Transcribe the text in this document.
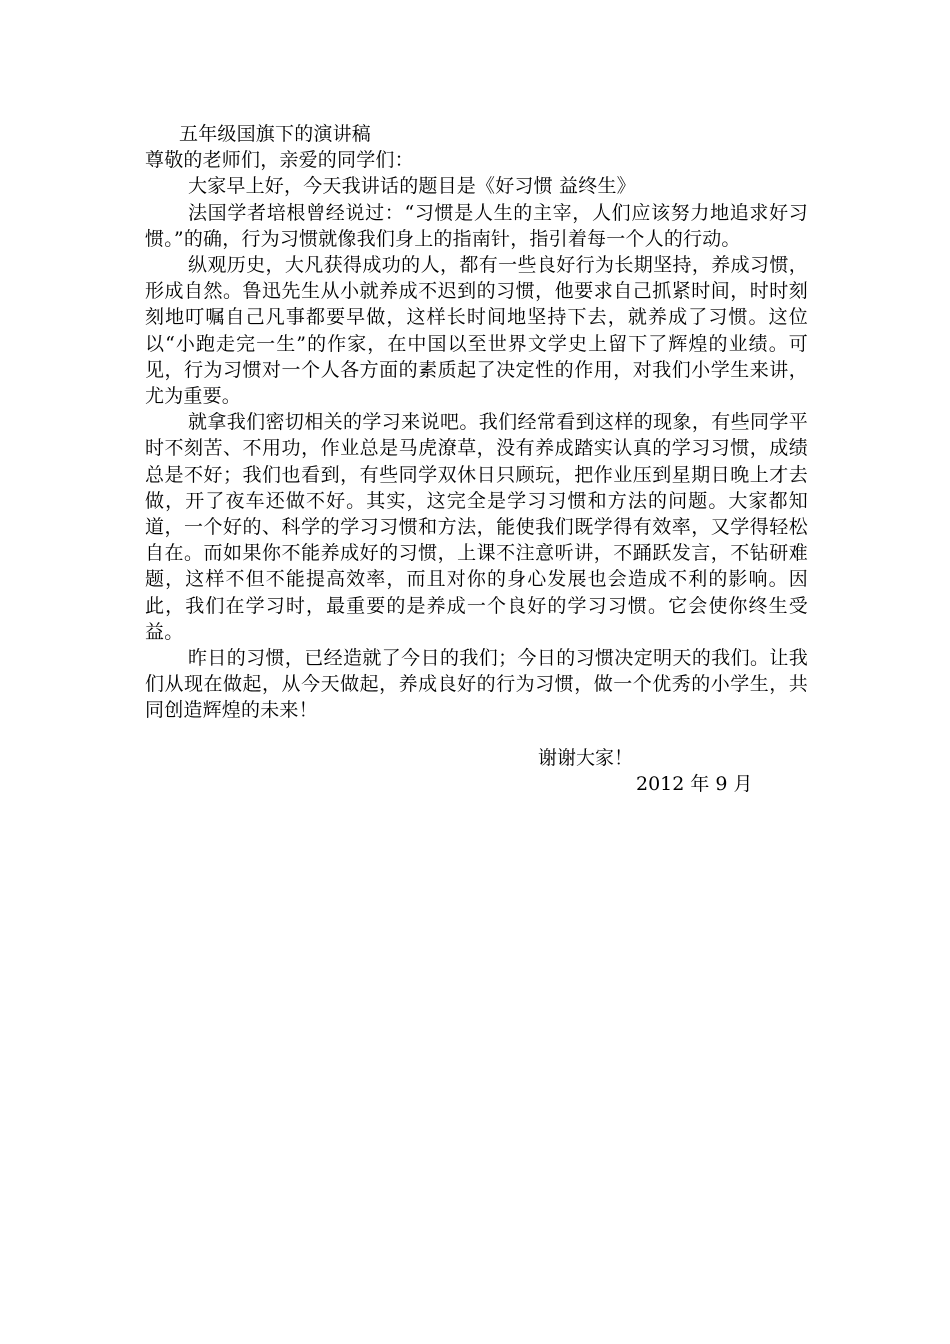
五年级国旗下的演讲稿

尊敬的老师们，亲爱的同学们：

大家早上好，今天我讲话的题目是《好习惯 益终生》

法国学者培根曾经说过：“习惯是人生的主宰，人们应该努力地追求好习惯。”的确，行为习惯就像我们身上的指南针，指引着每一个人的行动。

纵观历史，大凡获得成功的人，都有一些良好行为长期坚持，养成习惯，形成自然。鲁迅先生从小就养成不迟到的习惯，他要求自己抓紧时间，时时刻刻地叮嘱自己凡事都要早做，这样长时间地坚持下去，就养成了习惯。这位以“小跑走完一生”的作家，在中国以至世界文学史上留下了辉煌的业绩。可见，行为习惯对一个人各方面的素质起了决定性的作用，对我们小学生来讲，尤为重要。

就拿我们密切相关的学习来说吧。我们经常看到这样的现象，有些同学平时不刻苦、不用功，作业总是马虎潦草，没有养成踏实认真的学习习惯，成绩总是不好；我们也看到，有些同学双休日只顾玩，把作业压到星期日晚上才去做，开了夜车还做不好。其实，这完全是学习习惯和方法的问题。大家都知道，一个好的、科学的学习习惯和方法，能使我们既学得有效率，又学得轻松自在。而如果你不能养成好的习惯，上课不注意听讲，不踊跃发言，不钻研难题，这样不但不能提高效率，而且对你的身心发展也会造成不利的影响。因此，我们在学习时，最重要的是养成一个良好的学习习惯。它会使你终生受益。

昨日的习惯，已经造就了今日的我们；今日的习惯决定明天的我们。让我们从现在做起，从今天做起，养成良好的行为习惯，做一个优秀的小学生，共同创造辉煌的未来！

谢谢大家！
2012 年 9 月
